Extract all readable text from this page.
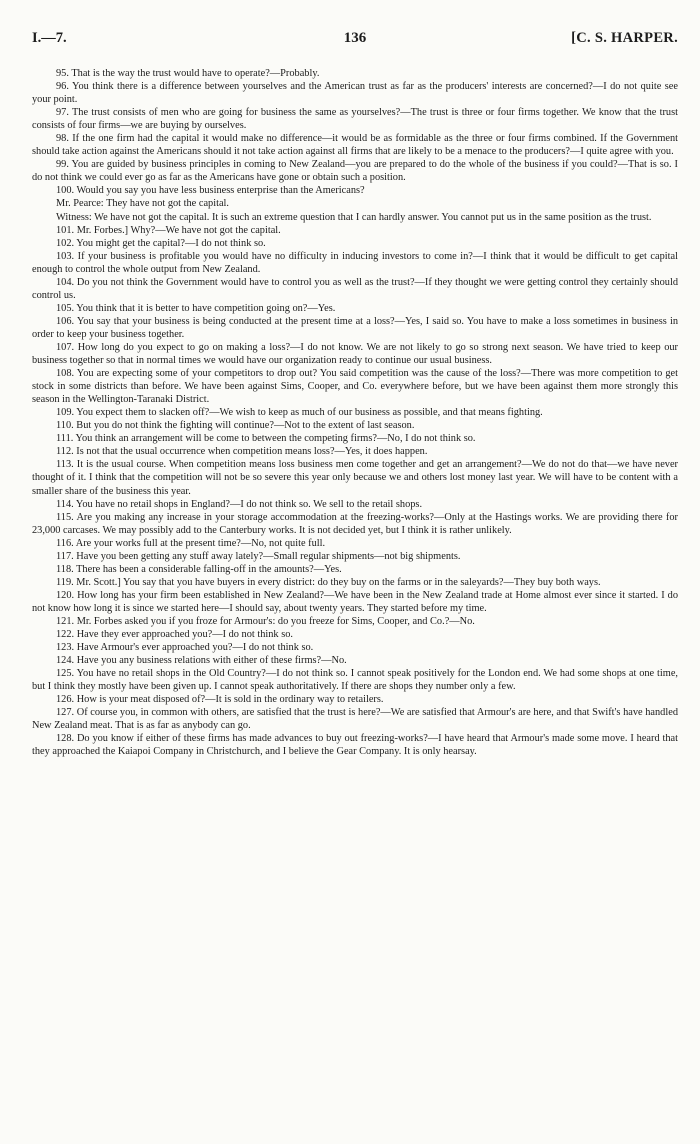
I.—7.	136	[C. S. HARPER.

95. That is the way the trust would have to operate?—Probably.

96. You think there is a difference between yourselves and the American trust as far as the producers' interests are concerned?—I do not quite see your point.

97. The trust consists of men who are going for business the same as yourselves?—The trust is three or four firms together. We know that the trust consists of four firms—we are buying by ourselves.

98. If the one firm had the capital it would make no difference—it would be as formidable as the three or four firms combined. If the Government should take action against the Americans should it not take action against all firms that are likely to be a menace to the producers?—I quite agree with you.

99. You are guided by business principles in coming to New Zealand—you are prepared to do the whole of the business if you could?—That is so. I do not think we could ever go as far as the Americans have gone or obtain such a position.

100. Would you say you have less business enterprise than the Americans?

Mr. Pearce: They have not got the capital.

Witness: We have not got the capital. It is such an extreme question that I can hardly answer. You cannot put us in the same position as the trust.

101. Mr. Forbes.] Why?—We have not got the capital.

102. You might get the capital?—I do not think so.

103. If your business is profitable you would have no difficulty in inducing investors to come in?—I think that it would be difficult to get capital enough to control the whole output from New Zealand.

104. Do you not think the Government would have to control you as well as the trust?—If they thought we were getting control they certainly should control us.

105. You think that it is better to have competition going on?—Yes.

106. You say that your business is being conducted at the present time at a loss?—Yes, I said so. You have to make a loss sometimes in business in order to keep your business together.

107. How long do you expect to go on making a loss?—I do not know. We are not likely to go so strong next season. We have tried to keep our business together so that in normal times we would have our organization ready to continue our usual business.

108. You are expecting some of your competitors to drop out? You said competition was the cause of the loss?—There was more competition to get stock in some districts than before. We have been against Sims, Cooper, and Co. everywhere before, but we have been against them more strongly this season in the Wellington-Taranaki District.

109. You expect them to slacken off?—We wish to keep as much of our business as possible, and that means fighting.

110. But you do not think the fighting will continue?—Not to the extent of last season.

111. You think an arrangement will be come to between the competing firms?—No, I do not think so.

112. Is not that the usual occurrence when competition means loss?—Yes, it does happen.

113. It is the usual course. When competition means loss business men come together and get an arrangement?—We do not do that—we have never thought of it. I think that the competition will not be so severe this year only because we and others lost money last year. We will have to be content with a smaller share of the business this year.

114. You have no retail shops in England?—I do not think so. We sell to the retail shops.

115. Are you making any increase in your storage accommodation at the freezing-works?—Only at the Hastings works. We are providing there for 23,000 carcases. We may possibly add to the Canterbury works. It is not decided yet, but I think it is rather unlikely.

116. Are your works full at the present time?—No, not quite full.

117. Have you been getting any stuff away lately?—Small regular shipments—not big shipments.

118. There has been a considerable falling-off in the amounts?—Yes.

119. Mr. Scott.] You say that you have buyers in every district: do they buy on the farms or in the saleyards?—They buy both ways.

120. How long has your firm been established in New Zealand?—We have been in the New Zealand trade at Home almost ever since it started. I do not know how long it is since we started here—I should say, about twenty years. They started before my time.

121. Mr. Forbes asked you if you froze for Armour's: do you freeze for Sims, Cooper, and Co.?—No.

122. Have they ever approached you?—I do not think so.

123. Have Armour's ever approached you?—I do not think so.

124. Have you any business relations with either of these firms?—No.

125. You have no retail shops in the Old Country?—I do not think so. I cannot speak positively for the London end. We had some shops at one time, but I think they mostly have been given up. I cannot speak authoritatively. If there are shops they number only a few.

126. How is your meat disposed of?—It is sold in the ordinary way to retailers.

127. Of course you, in common with others, are satisfied that the trust is here?—We are satisfied that Armour's are here, and that Swift's have handled New Zealand meat. That is as far as anybody can go.

128. Do you know if either of these firms has made advances to buy out freezing-works?—I have heard that Armour's made some move. I heard that they approached the Kaiapoi Company in Christchurch, and I believe the Gear Company. It is only hearsay.
